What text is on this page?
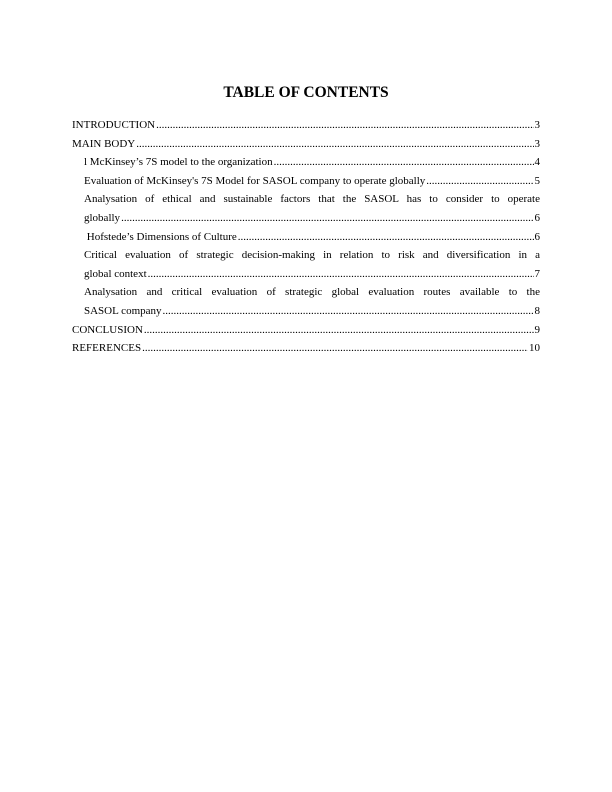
TABLE OF CONTENTS
INTRODUCTION .....	3
MAIN BODY .....	3
l McKinsey’s 7S model to the organization .....	4
Evaluation of McKinsey's 7S Model for SASOL company to operate globally .....	5
Analysation of ethical and sustainable factors that the SASOL has to consider to operate
globally .....	6
Hofstede’s Dimensions of Culture .....	6
Critical evaluation of strategic decision-making in relation to risk and diversification in a
global context .....	7
Analysation and critical evaluation of strategic global evaluation routes available to the
SASOL company .....	8
CONCLUSION .....	9
REFERENCES .....	10
